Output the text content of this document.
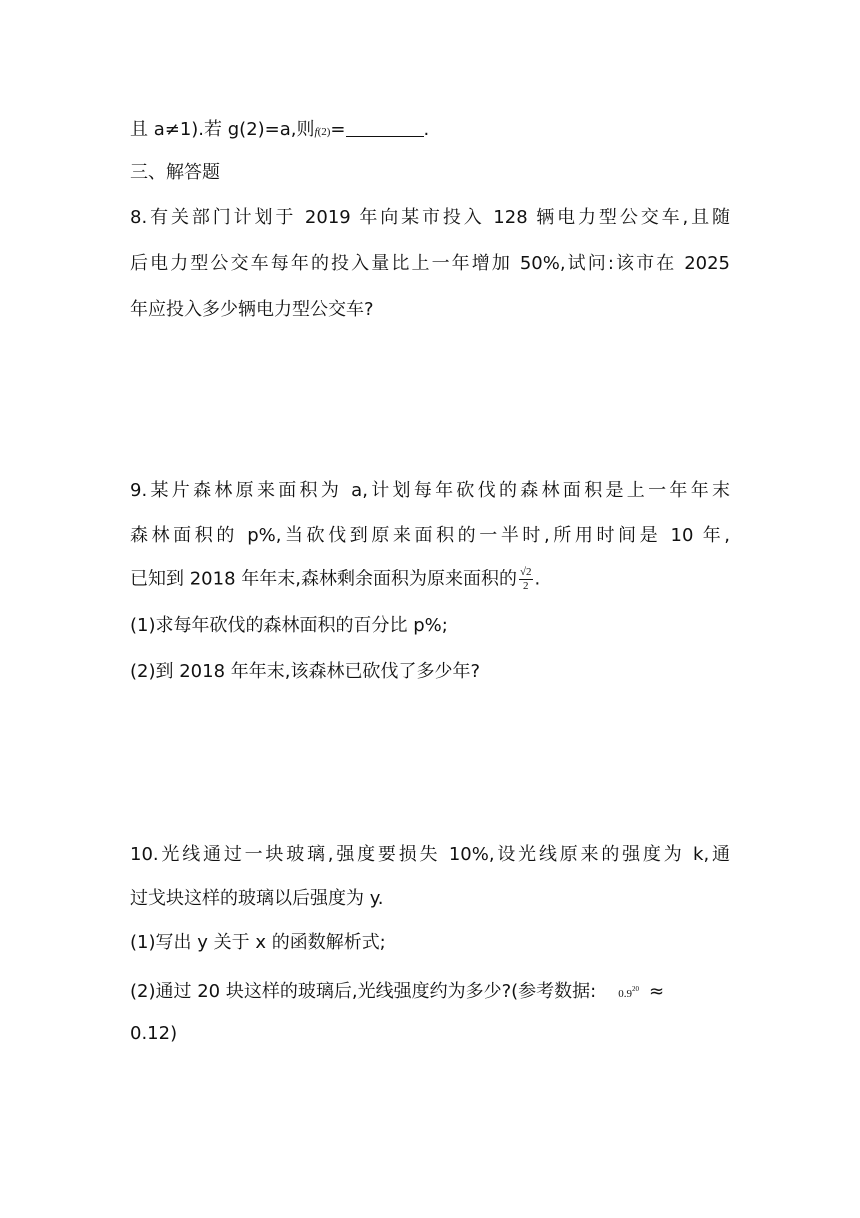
且 a≠1).若 g(2)=a,则f(2)=	.
三、解答题
8.有关部门计划于 2019 年向某市投入 128 辆电力型公交车,且随
后电力型公交车每年的投入量比上一年增加 50%,试问:该市在 2025
年应投入多少辆电力型公交车?
9.某片森林原来面积为 a,计划每年砍伐的森林面积是上一年年末
森林面积的 p%,当砍伐到原来面积的一半时,所用时间是 10 年,
已知到 2018 年年末,森林剩余面积为原来面积的 $\frac{√2}{2}$ .
(1)求每年砍伐的森林面积的百分比 p%;
(2)到 2018 年年末,该森林已砍伐了多少年?
10.光线通过一块玻璃,强度要损失 10%,设光线原来的强度为 k,通
过戈块这样的玻璃以后强度为 y.
(1)写出 y 关于 x 的函数解析式;
(2)通过 20 块这样的玻璃后,光线强度约为多少?(参考数据: $0.9^{20}$ ≈
0.12)
